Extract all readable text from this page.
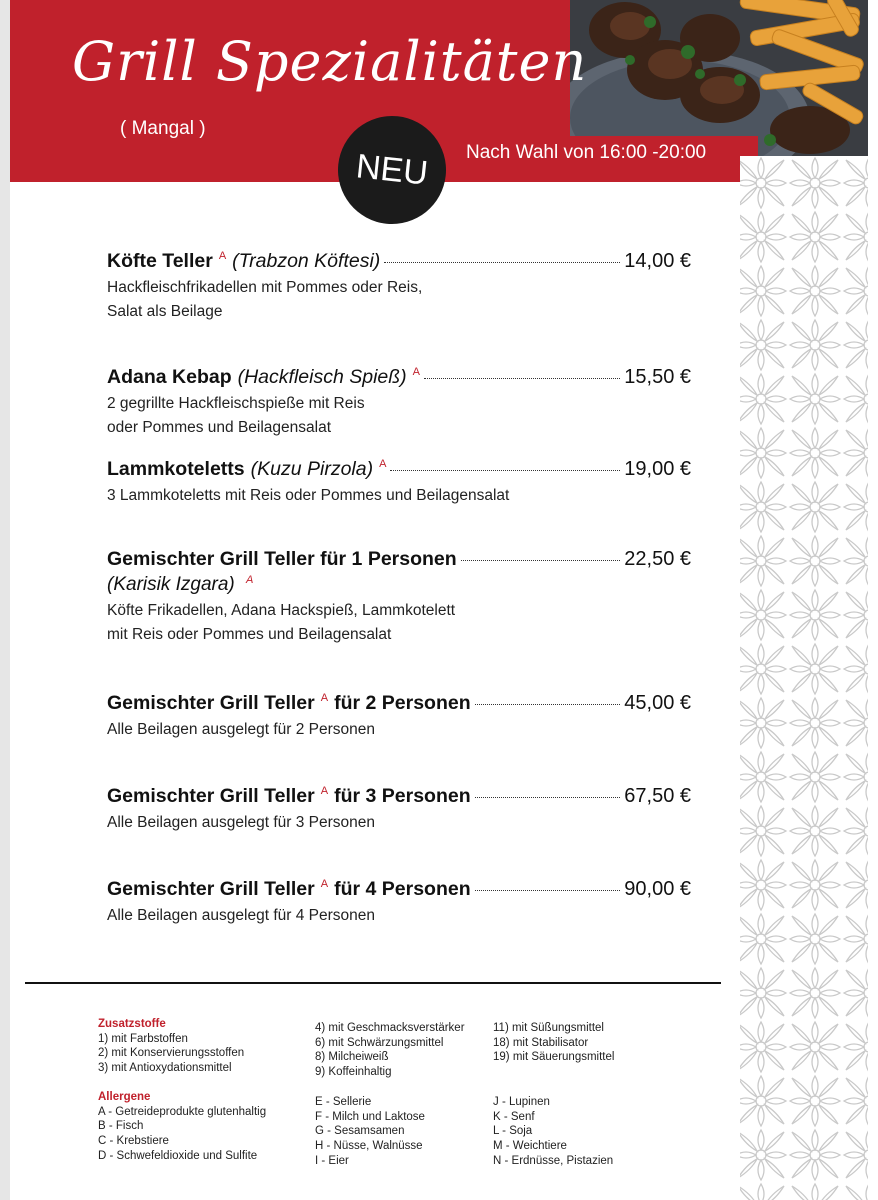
Grill Spezialitäten
( Mangal )
Nach Wahl von 16:00 -20:00
NEU
Köfte Teller A (Trabzon Köftesi)	14,00 €
Hackfleischfrikadellen mit Pommes oder Reis,
Salat als Beilage
Adana Kebap (Hackfleisch Spieß) A	15,50 €
2 gegrillte Hackfleischspieße mit Reis
oder Pommes und Beilagensalat
Lammkoteletts (Kuzu Pirzola) A	19,00 €
3 Lammkoteletts mit Reis oder Pommes und Beilagensalat
Gemischter Grill Teller für 1 Personen	22,50 €
(Karisik Izgara) $^A$
Köfte Frikadellen, Adana Hackspieß, Lammkotelett
mit Reis oder Pommes und Beilagensalat
Gemischter Grill Teller A für 2 Personen	45,00 €
Alle Beilagen ausgelegt für 2 Personen
Gemischter Grill Teller A für 3 Personen	67,50 €
Alle Beilagen ausgelegt für 3 Personen
Gemischter Grill Teller A für 4 Personen	90,00 €
Alle Beilagen ausgelegt für 4 Personen
Zusatzstoffe
1) mit Farbstoffen
2) mit Konservierungsstoffen
3) mit Antioxydationsmittel
4) mit Geschmacksverstärker
6) mit Schwärzungsmittel
8) Milcheiweiß
9) Koffeinhaltig
11) mit Süßungsmittel
18) mit Stabilisator
19) mit Säuerungsmittel
Allergene
A - Getreideprodukte glutenhaltig
B - Fisch
C - Krebstiere
D - Schwefeldioxide und Sulfite
E - Sellerie
F - Milch und Laktose
G - Sesamsamen
H - Nüsse, Walnüsse
I - Eier
J - Lupinen
K - Senf
L - Soja
M - Weichtiere
N - Erdnüsse, Pistazien
